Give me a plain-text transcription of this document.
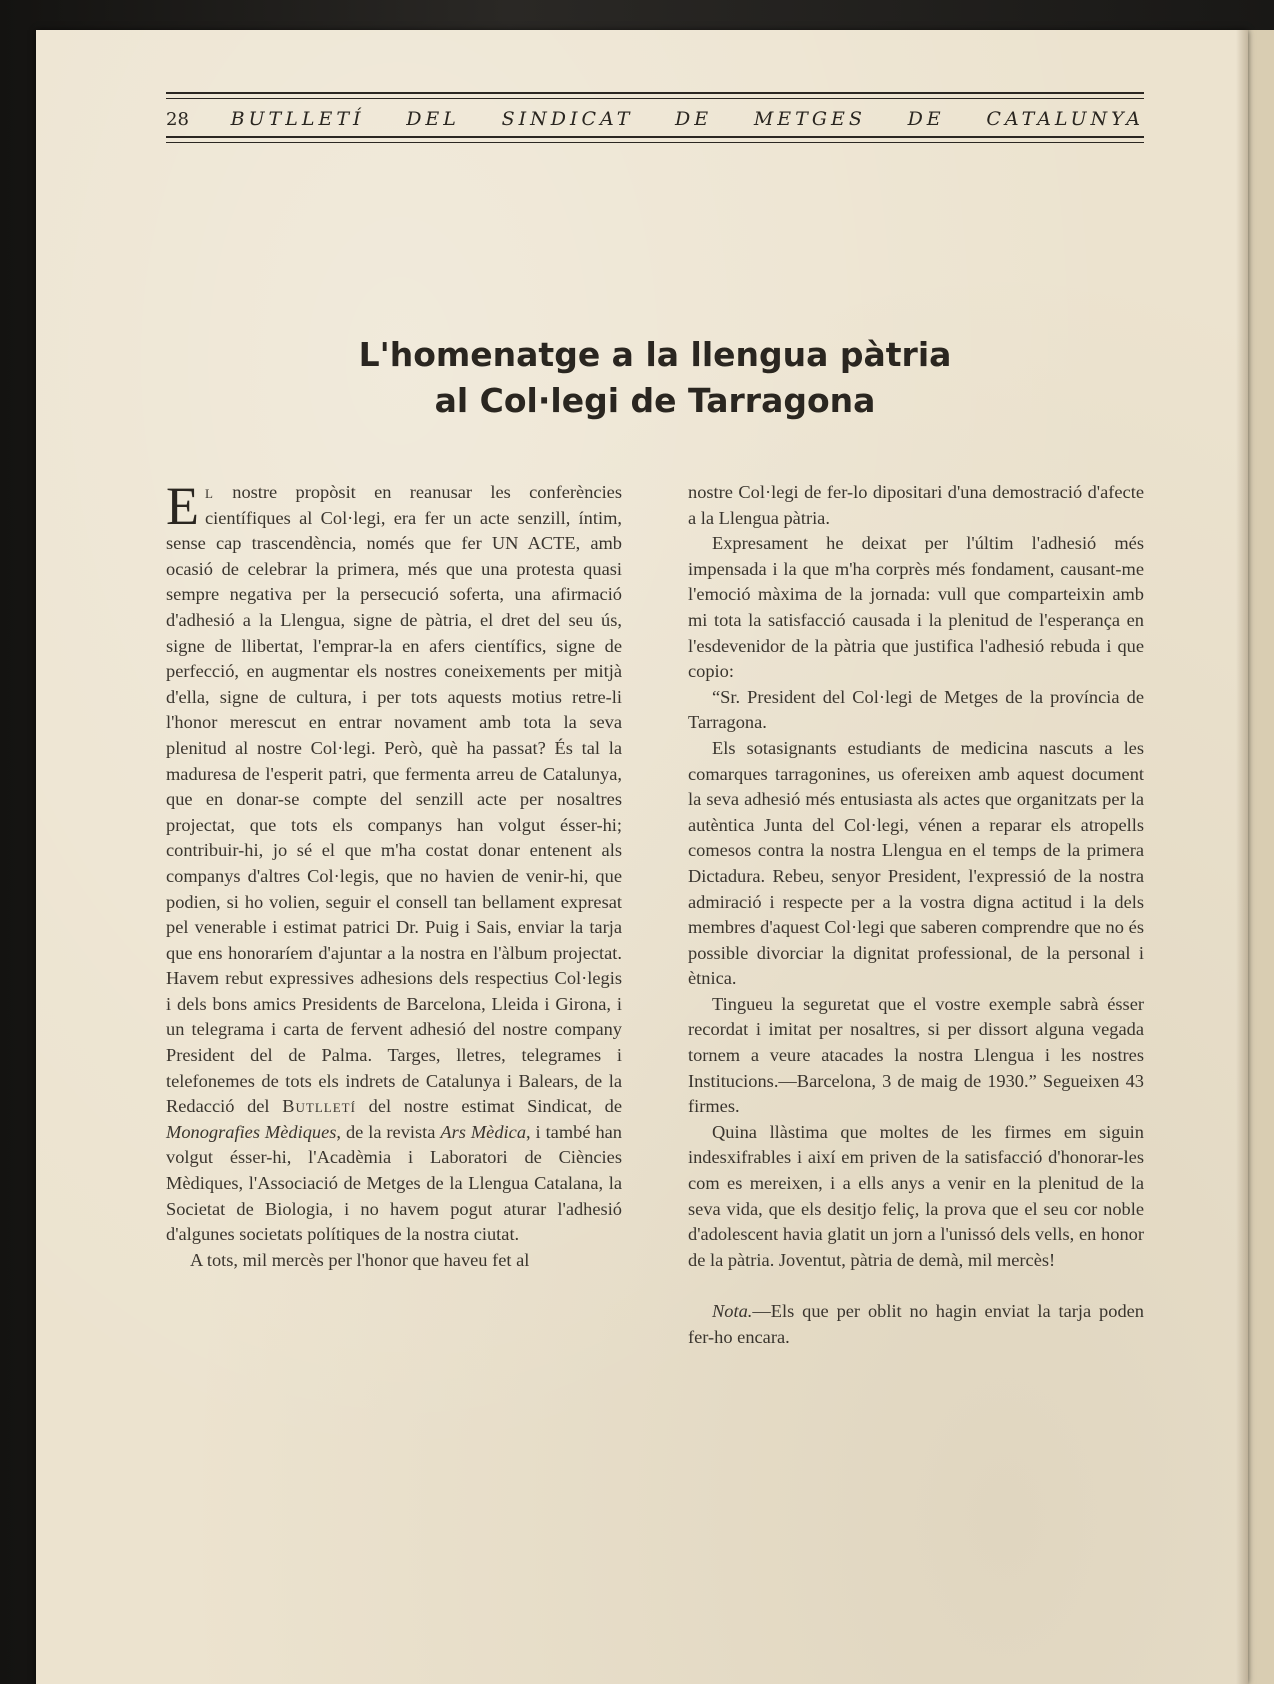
28 BUTLLETÍ DEL SINDICAT DE METGES DE CATALUNYA
L'homenatge a la llengua pàtria
al Col·legi de Tarragona

El nostre propòsit en reanusar les conferències científiques al Col·legi, era fer un acte senzill, íntim, sense cap trascendència, només que fer UN ACTE, amb ocasió de celebrar la primera, més que una protesta quasi sempre negativa per la persecució soferta, una afirmació d'adhesió a la Llengua, signe de pàtria, el dret del seu ús, signe de llibertat, l'emprar-la en afers científics, signe de perfecció, en augmentar els nostres coneixements per mitjà d'ella, signe de cultura, i per tots aquests motius retre-li l'honor merescut en entrar novament amb tota la seva plenitud al nostre Col·legi. Però, què ha passat? És tal la maduresa de l'esperit patri, que fermenta arreu de Catalunya, que en donar-se compte del senzill acte per nosaltres projectat, que tots els companys han volgut ésser-hi; contribuir-hi, jo sé el que m'ha costat donar entenent als companys d'altres Col·legis, que no havien de venir-hi, que podien, si ho volien, seguir el consell tan bellament expresat pel venerable i estimat patrici Dr. Puig i Sais, enviar la tarja que ens honoraríem d'ajuntar a la nostra en l'àlbum projectat. Havem rebut expressives adhesions dels respectius Col·legis i dels bons amics Presidents de Barcelona, Lleida i Girona, i un telegrama i carta de fervent adhesió del nostre company President del de Palma. Targes, lletres, telegrames i telefonemes de tots els indrets de Catalunya i Balears, de la Redacció del Butlletí del nostre estimat Sindicat, de Monografies Mèdiques, de la revista Ars Mèdica, i també han volgut ésser-hi, l'Acadèmia i Laboratori de Ciències Mèdiques, l'Associació de Metges de la Llengua Catalana, la Societat de Biologia, i no havem pogut aturar l'adhesió d'algunes societats polítiques de la nostra ciutat.

A tots, mil mercès per l'honor que haveu fet al

nostre Col·legi de fer-lo dipositari d'una demostració d'afecte a la Llengua pàtria.

Expresament he deixat per l'últim l'adhesió més impensada i la que m'ha corprès més fondament, causant-me l'emoció màxima de la jornada: vull que comparteixin amb mi tota la satisfacció causada i la plenitud de l'esperança en l'esdevenidor de la pàtria que justifica l'adhesió rebuda i que copio:

“Sr. President del Col·legi de Metges de la província de Tarragona.

Els sotasignants estudiants de medicina nascuts a les comarques tarragonines, us ofereixen amb aquest document la seva adhesió més entusiasta als actes que organitzats per la autèntica Junta del Col·legi, vénen a reparar els atropells comesos contra la nostra Llengua en el temps de la primera Dictadura. Rebeu, senyor President, l'expressió de la nostra admiració i respecte per a la vostra digna actitud i la dels membres d'aquest Col·legi que saberen comprendre que no és possible divorciar la dignitat professional, de la personal i ètnica.

Tingueu la seguretat que el vostre exemple sabrà ésser recordat i imitat per nosaltres, si per dissort alguna vegada tornem a veure atacades la nostra Llengua i les nostres Institucions.—Barcelona, 3 de maig de 1930.” Segueixen 43 firmes.

Quina llàstima que moltes de les firmes em siguin indesxifrables i així em priven de la satisfacció d'honorar-les com es mereixen, i a ells anys a venir en la plenitud de la seva vida, que els desitjo feliç, la prova que el seu cor noble d'adolescent havia glatit un jorn a l'unissó dels vells, en honor de la pàtria. Joventut, pàtria de demà, mil mercès!

Nota.—Els que per oblit no hagin enviat la tarja poden fer-ho encara.
